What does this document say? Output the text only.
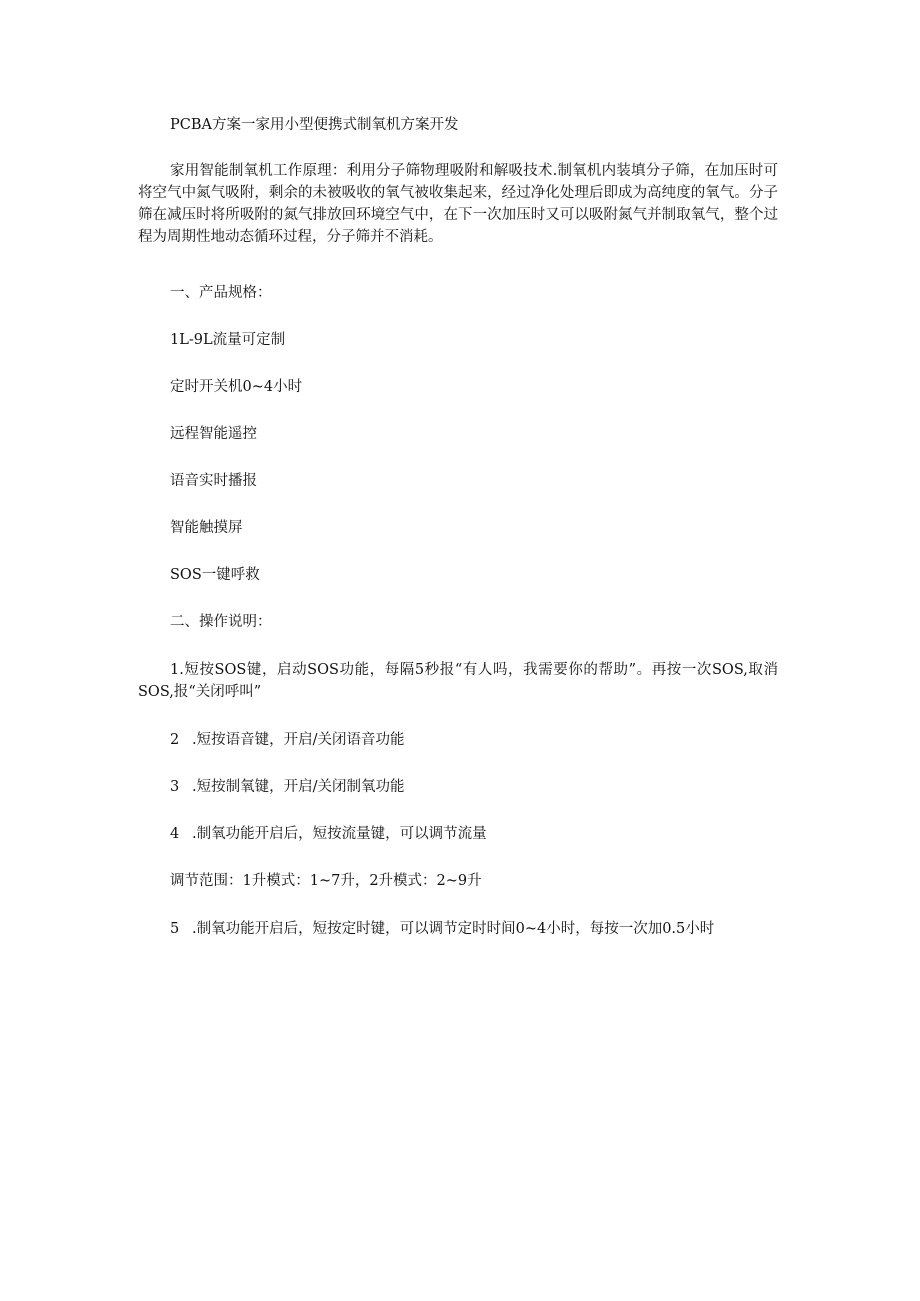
PCBA方案一家用小型便携式制氧机方案开发
家用智能制氧机工作原理：利用分子筛物理吸附和解吸技术.制氧机内装填分子筛，在加压时可将空气中氮气吸附，剩余的未被吸收的氧气被收集起来，经过净化处理后即成为高纯度的氧气。分子筛在减压时将所吸附的氮气排放回环境空气中，在下一次加压时又可以吸附氮气并制取氧气，整个过程为周期性地动态循环过程，分子筛并不消耗。
一、产品规格：
1L-9L流量可定制
定时开关机0~4小时
远程智能遥控
语音实时播报
智能触摸屏
SOS一键呼救
二、操作说明：
1.短按SOS键，启动SOS功能，每隔5秒报“有人吗，我需要你的帮助”。再按一次SOS,取消SOS,报“关闭呼叫”
2 .短按语音键，开启/关闭语音功能
3 .短按制氧键，开启/关闭制氧功能
4 .制氧功能开启后，短按流量键，可以调节流量
调节范围：1升模式：1~7升，2升模式：2~9升
5 .制氧功能开启后，短按定时键，可以调节定时时间0~4小时，每按一次加0.5小时
